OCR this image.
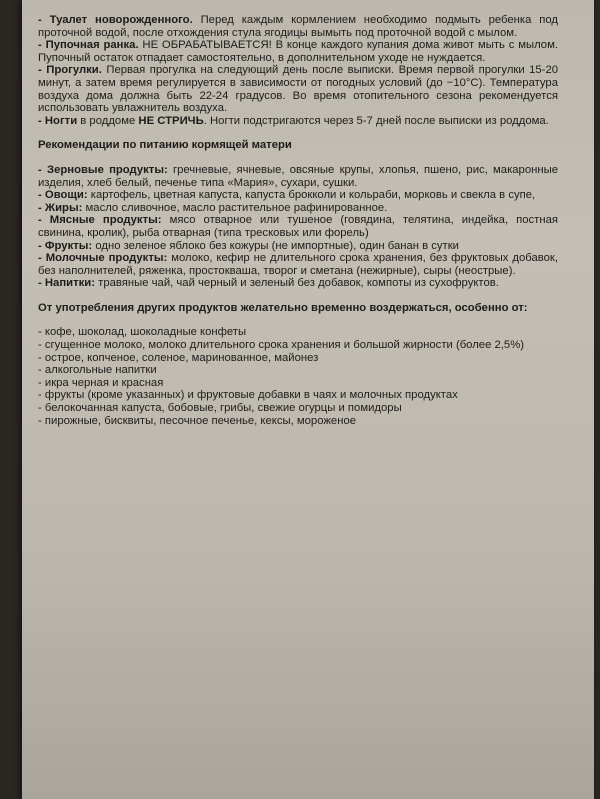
- Туалет новорожденного. Перед каждым кормлением необходимо подмыть ребенка под проточной водой, после отхождения стула ягодицы вымыть под проточной водой с мылом.

- Пупочная ранка. НЕ ОБРАБАТЫВАЕТСЯ! В конце каждого купания дома живот мыть с мылом. Пупочный остаток отпадает самостоятельно, в дополнительном уходе не нуждается.

- Прогулки. Первая прогулка на следующий день после выписки. Время первой прогулки 15-20 минут, а затем время регулируется в зависимости от погодных условий (до −10°С). Температура воздуха дома должна быть 22-24 градусов. Во время отопительного сезона рекомендуется использовать увлажнитель воздуха.

- Ногти в роддоме НЕ СТРИЧЬ. Ногти подстригаются через 5-7 дней после выписки из роддома.

Рекомендации по питанию кормящей матери

- Зерновые продукты: гречневые, ячневые, овсяные крупы, хлопья, пшено, рис, макаронные изделия, хлеб белый, печенье типа «Мария», сухари, сушки.

- Овощи: картофель, цветная капуста, капуста брокколи и кольраби, морковь и свекла в супе,

- Жиры: масло сливочное, масло растительное рафинированное.

- Мясные продукты: мясо отварное или тушеное (говядина, телятина, индейка, постная свинина, кролик), рыба отварная (типа тресковых или форель)

- Фрукты: одно зеленое яблоко без кожуры (не импортные), один банан в сутки

- Молочные продукты: молоко, кефир не длительного срока хранения, без фруктовых добавок, без наполнителей, ряженка, простокваша, творог и сметана (нежирные), сыры (неострые).

- Напитки: травяные чай, чай черный и зеленый без добавок, компоты из сухофруктов.

От употребления других продуктов желательно временно воздержаться, особенно от:

- кофе, шоколад, шоколадные конфеты

- сгущенное молоко, молоко длительного срока хранения и большой жирности (более 2,5%)

- острое, копченое, соленое, маринованное, майонез

- алкогольные напитки

- икра черная и красная

- фрукты (кроме указанных) и фруктовые добавки в чаях и молочных продуктах

- белокочанная капуста, бобовые, грибы, свежие огурцы и помидоры

- пирожные, бисквиты, песочное печенье, кексы, мороженое
